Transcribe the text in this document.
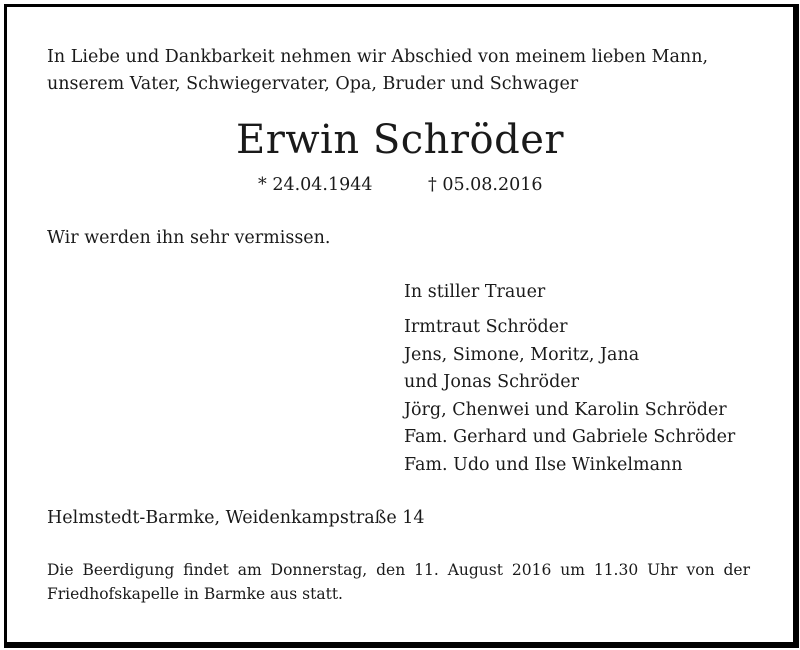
In Liebe und Dankbarkeit nehmen wir Abschied von meinem lieben Mann,
unserem Vater, Schwiegervater, Opa, Bruder und Schwager
Erwin Schröder
* 24.04.1944	† 05.08.2016
Wir werden ihn sehr vermissen.
In stiller Trauer
Irmtraut Schröder
Jens, Simone, Moritz, Jana
und Jonas Schröder
Jörg, Chenwei und Karolin Schröder
Fam. Gerhard und Gabriele Schröder
Fam. Udo und Ilse Winkelmann
Helmstedt-Barmke, Weidenkampstraße 14
Die Beerdigung findet am Donnerstag, den 11. August 2016 um 11.30 Uhr von der
Friedhofskapelle in Barmke aus statt.
